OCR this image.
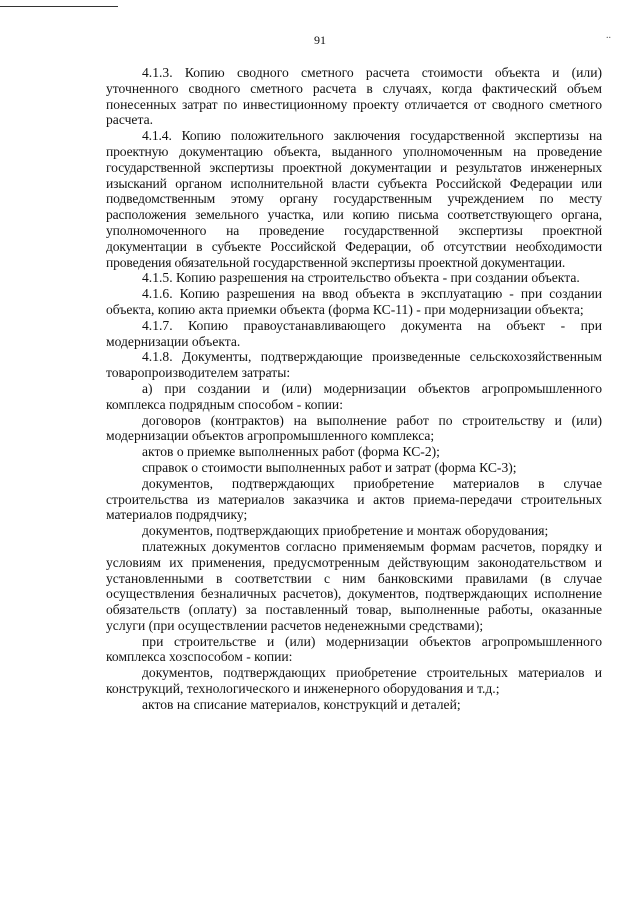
..
91

4.1.3. Копию сводного сметного расчета стоимости объекта и (или) уточненного сводного сметного расчета в случаях, когда фактический объем понесенных затрат по инвестиционному проекту отличается от сводного сметного расчета.

4.1.4. Копию положительного заключения государственной экспертизы на проектную документацию объекта, выданного уполномоченным на проведение государственной экспертизы проектной документации и результатов инженерных изысканий органом исполнительной власти субъекта Российской Федерации или подведомственным этому органу государственным учреждением по месту расположения земельного участка, или копию письма соответствующего органа, уполномоченного на проведение государственной экспертизы проектной документации в субъекте Российской Федерации, об отсутствии необходимости проведения обязательной государственной экспертизы проектной документации.

4.1.5. Копию разрешения на строительство объекта - при создании объекта.

4.1.6. Копию разрешения на ввод объекта в эксплуатацию - при создании объекта, копию акта приемки объекта (форма КС-11) - при модернизации объекта;

4.1.7. Копию правоустанавливающего документа на объект - при модернизации объекта.

4.1.8. Документы, подтверждающие произведенные сельскохозяйственным товаропроизводителем затраты:

а) при создании и (или) модернизации объектов агропромышленного комплекса подрядным способом - копии:

договоров (контрактов) на выполнение работ по строительству и (или) модернизации объектов агропромышленного комплекса;

актов о приемке выполненных работ (форма КС-2);

справок о стоимости выполненных работ и затрат (форма КС-3);

документов, подтверждающих приобретение материалов в случае строительства из материалов заказчика и актов приема-передачи строительных материалов подрядчику;

документов, подтверждающих приобретение и монтаж оборудования;

платежных документов согласно применяемым формам расчетов, порядку и условиям их применения, предусмотренным действующим законодательством и установленными в соответствии с ним банковскими правилами (в случае осуществления безналичных расчетов), документов, подтверждающих исполнение обязательств (оплату) за поставленный товар, выполненные работы, оказанные услуги (при осуществлении расчетов неденежными средствами);

при строительстве и (или) модернизации объектов агропромышленного комплекса хозспособом - копии:

документов, подтверждающих приобретение строительных материалов и конструкций, технологического и инженерного оборудования и т.д.;

актов на списание материалов, конструкций и деталей;
